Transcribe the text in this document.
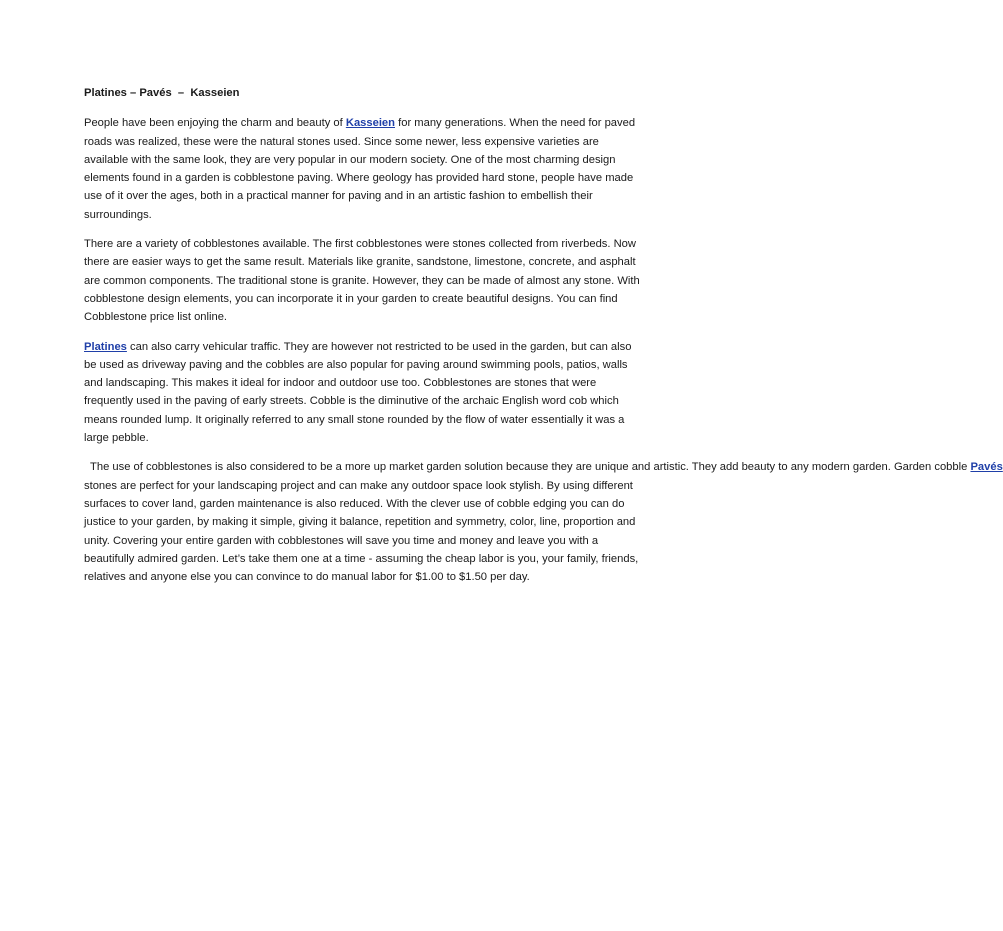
Platines – Pavés  –  Kasseien

People have been enjoying the charm and beauty of Kasseien for many generations. When the need for paved roads was realized, these were the natural stones used. Since some newer, less expensive varieties are available with the same look, they are very popular in our modern society. One of the most charming design elements found in a garden is cobblestone paving. Where geology has provided hard stone, people have made use of it over the ages, both in a practical manner for paving and in an artistic fashion to embellish their surroundings.

There are a variety of cobblestones available. The first cobblestones were stones collected from riverbeds. Now there are easier ways to get the same result. Materials like granite, sandstone, limestone, concrete, and asphalt are common components. The traditional stone is granite. However, they can be made of almost any stone. With cobblestone design elements, you can incorporate it in your garden to create beautiful designs. You can find Cobblestone price list online.

Platines can also carry vehicular traffic. They are however not restricted to be used in the garden, but can also be used as driveway paving and the cobbles are also popular for paving around swimming pools, patios, walls and landscaping. This makes it ideal for indoor and outdoor use too. Cobblestones are stones that were frequently used in the paving of early streets. Cobble is the diminutive of the archaic English word cob which means rounded lump. It originally referred to any small stone rounded by the flow of water essentially it was a large pebble.

The use of cobblestones is also considered to be a more up market garden solution because they are unique and artistic. They add beauty to any modern garden. Garden cobble Pavés stones are perfect for your landscaping project and can make any outdoor space look stylish. By using different surfaces to cover land, garden maintenance is also reduced. With the clever use of cobble edging you can do justice to your garden, by making it simple, giving it balance, repetition and symmetry, color, line, proportion and unity. Covering your entire garden with cobblestones will save you time and money and leave you with a beautifully admired garden. Let’s take them one at a time - assuming the cheap labor is you, your family, friends, relatives and anyone else you can convince to do manual labor for $1.00 to $1.50 per day.
